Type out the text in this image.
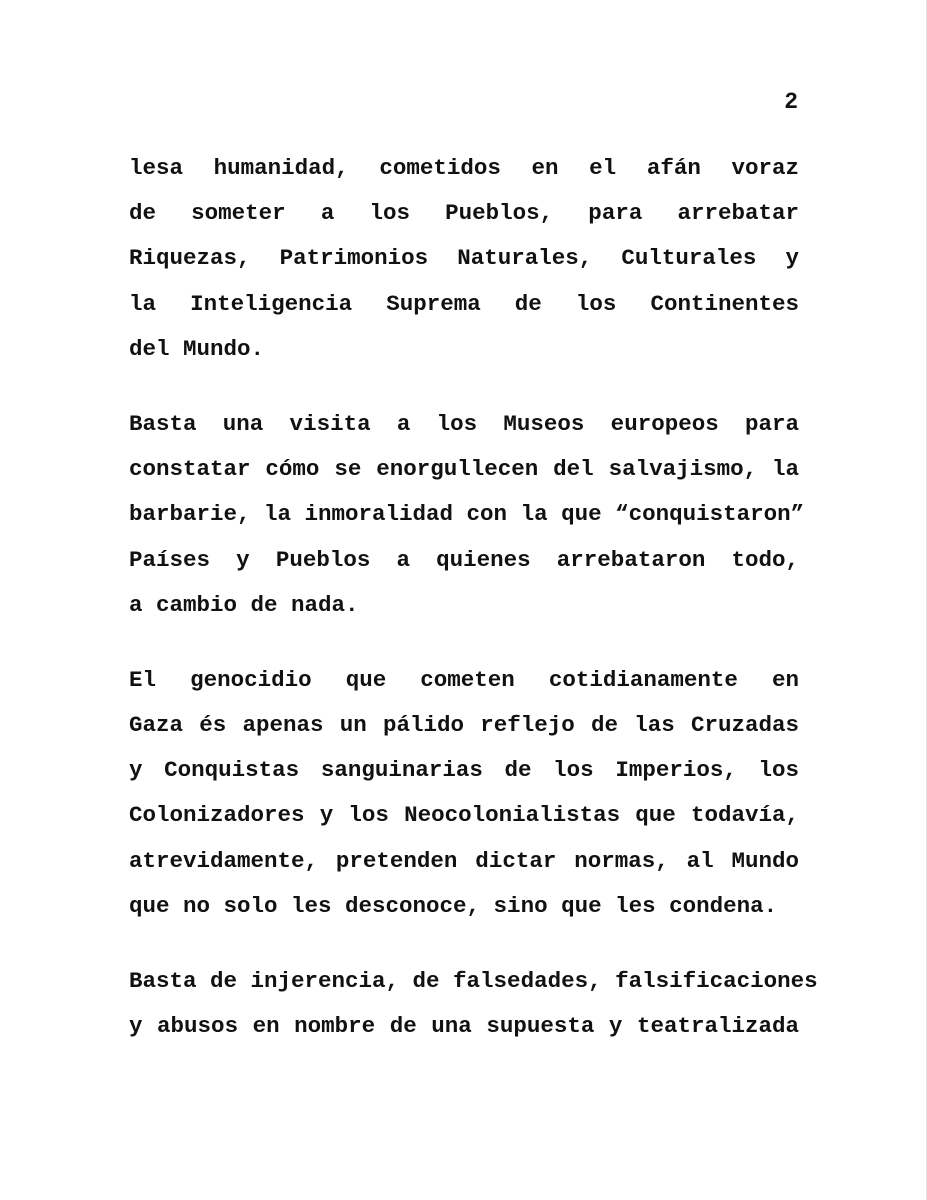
2
lesa humanidad, cometidos en el afán voraz
de someter a los Pueblos, para arrebatar
Riquezas, Patrimonios Naturales, Culturales y
la Inteligencia Suprema de los Continentes
del Mundo.
Basta una visita a los Museos europeos para
constatar cómo se enorgullecen del salvajismo, la
barbarie, la inmoralidad con la que “conquistaron”
Países y Pueblos a quienes arrebataron todo,
a cambio de nada.
El genocidio que cometen cotidianamente en
Gaza és apenas un pálido reflejo de las Cruzadas
y Conquistas sanguinarias de los Imperios, los
Colonizadores y los Neocolonialistas que todavía,
atrevidamente, pretenden dictar normas, al Mundo
que no solo les desconoce, sino que les condena.
Basta de injerencia, de falsedades, falsificaciones
y abusos en nombre de una supuesta y teatralizada
